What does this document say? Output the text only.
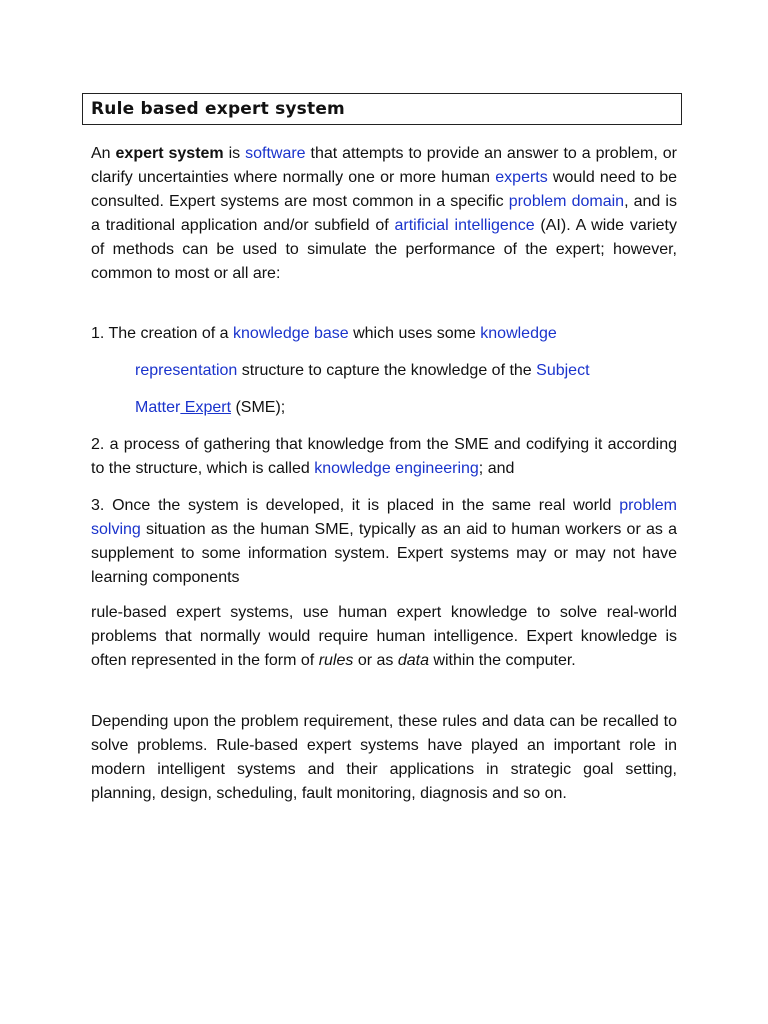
Rule based expert system
An expert system is software that attempts to provide an answer to a problem, or clarify uncertainties where normally one or more human experts would need to be consulted. Expert systems are most common in a specific problem domain, and is a traditional application and/or subfield of artificial intelligence (AI). A wide variety of methods can be used to simulate the performance of the expert; however, common to most or all are:
1. The creation of a knowledge base which uses some knowledge
representation structure to capture the knowledge of the Subject
Matter Expert (SME);
2. a process of gathering that knowledge from the SME and codifying it according to the structure, which is called knowledge engineering; and
3. Once the system is developed, it is placed in the same real world problem solving situation as the human SME, typically as an aid to human workers or as a supplement to some information system. Expert systems may or may not have learning components
rule-based expert systems, use human expert knowledge to solve real-world problems that normally would require human intelligence. Expert knowledge is often represented in the form of rules or as data within the computer.
Depending upon the problem requirement, these rules and data can be recalled to solve problems. Rule-based expert systems have played an important role in modern intelligent systems and their applications in strategic goal setting, planning, design, scheduling, fault monitoring, diagnosis and so on.
